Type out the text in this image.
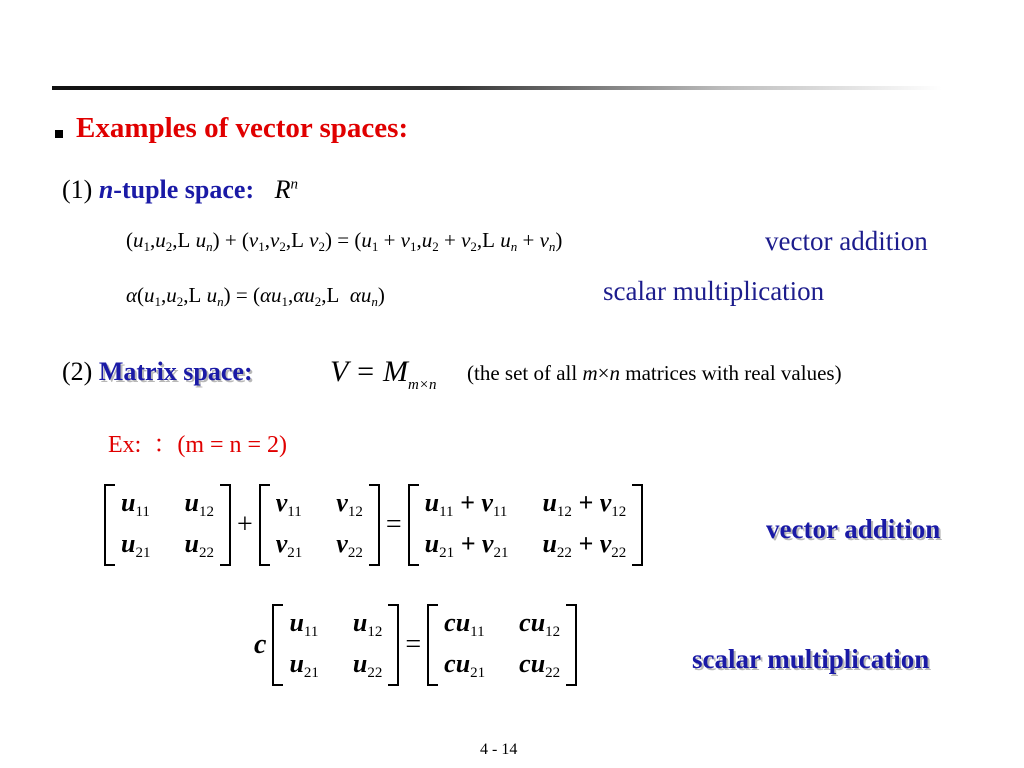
Examples of vector spaces:
(1) n-tuple space: $R^n$
($u_1,u_2,L$ $u_n) + (v_1,v_2,L$ $v_2) = (u_1 + v_1,u_2 + v_2,L$ $u_n + v_n$)	vector addition
$\alpha(u_1,u_2,L$ $u_n) = (\alpha u_1,\alpha u_2,L$  $\alpha u_n$)	scalar multiplication
(2) Matrix space:	$V = M_{m\times n}$ (the set of all m×n matrices with real values)
Ex: ：(m = n = 2)
$u_{11}$ $u_{12}$
$u_{21}$ $u_{22}$
+
$v_{11}$ $v_{12}$
$v_{21}$ $v_{22}$
=
$u_{11} + v_{11}$ $u_{12} + v_{12}$
$u_{21} + v_{21}$ $u_{22} + v_{22}$
vector addition
c
$u_{11}$ $u_{12}$
$u_{21}$ $u_{22}$
=
$cu_{11}$ $cu_{12}$
$cu_{21}$ $cu_{22}$	scalar multiplication
4 - 14
